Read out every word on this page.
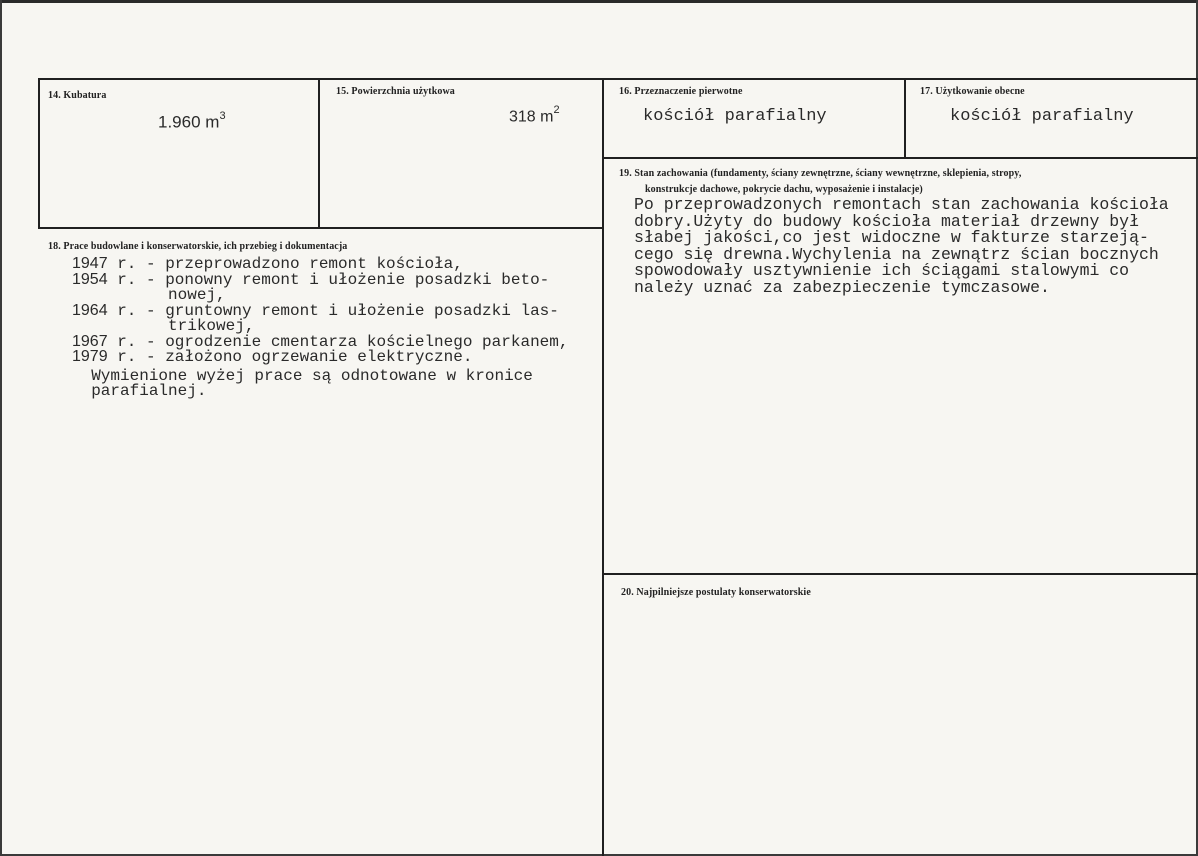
14. Kubatura
1.960 $m^3$
15. Powierzchnia użytkowa
318 $m^2$
16. Przeznaczenie pierwotne
kościół parafialny
17. Użytkowanie obecne
kościół parafialny
19. Stan zachowania (fundamenty, ściany zewnętrzne, ściany wewnętrzne, sklepienia, stropy,
konstrukcje dachowe, pokrycie dachu, wyposażenie i instalacje)
Po przeprowadzonych remontach stan zachowania kościoła
dobry.Użyty do budowy kościoła materiał drzewny był
słabej jakości,co jest widoczne w fakturze starzeją-
cego się drewna.Wychylenia na zewnątrz ścian bocznych
spowodowały usztywnienie ich ściągami stalowymi co
należy uznać za zabezpieczenie tymczasowe.
18. Prace budowlane i konserwatorskie, ich przebieg i dokumentacja
1947 r. - przeprowadzono remont kościoła,
1954 r. - ponowny remont i ułożenie posadzki beto-
nowej,
1964 r. - gruntowny remont i ułożenie posadzki las-
trikowej,
1967 r. - ogrodzenie cmentarza kościelnego parkanem,
1979 r. - założono ogrzewanie elektryczne.
Wymienione wyżej prace są odnotowane w kronice
parafialnej.
20. Najpilniejsze postulaty konserwatorskie
